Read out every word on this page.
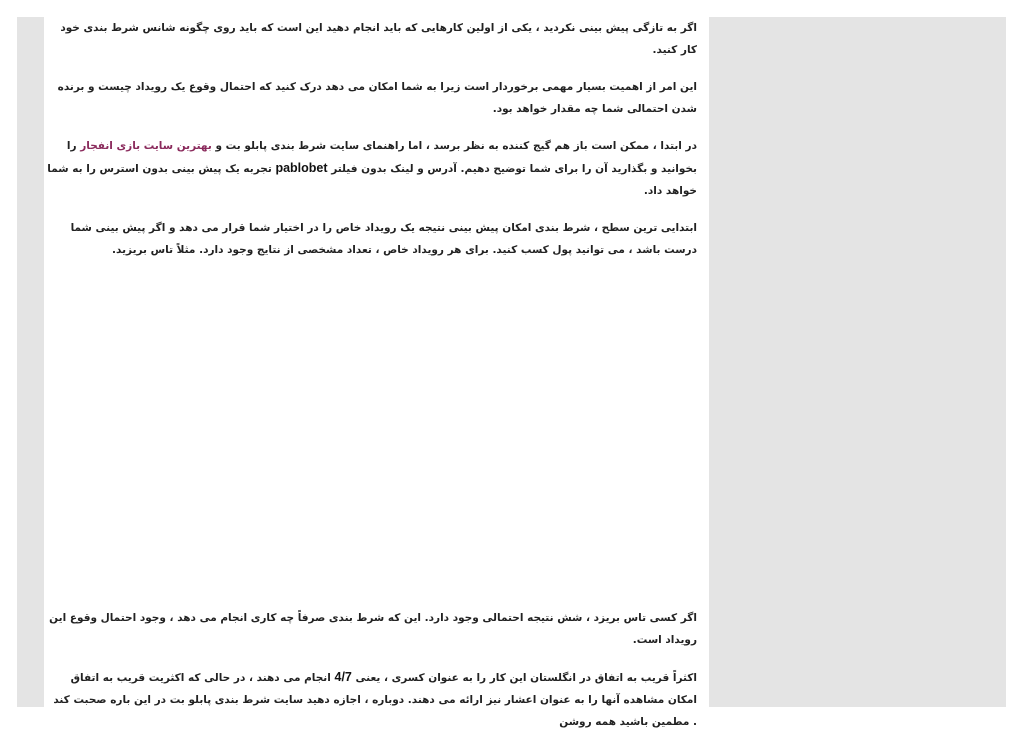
اگر به تازگی پیش بینی نکردید ، یکی از اولین کارهایی که باید انجام دهید این است که باید روی چگونه شانس شرط بندی خود کار کنید.

این امر از اهمیت بسیار مهمی برخوردار است زیرا به شما امکان می دهد درک کنید که احتمال وقوع یک رویداد چیست و برنده شدن احتمالی شما چه مقدار خواهد بود.

در ابتدا ، ممکن است باز هم گیج کننده به نظر برسد ، اما راهنمای سایت شرط بندی پابلو بت و بهترین سایت بازی انفجار را بخوانید و بگذارید آن را برای شما توضیح دهیم. آدرس و لینک بدون فیلتر pablobet تجربه یک پیش بینی بدون استرس را به شما خواهد داد.

ابتدایی ترین سطح ، شرط بندی امکان پیش بینی نتیجه یک رویداد خاص را در اختیار شما قرار می دهد و اگر پیش بینی شما درست باشد ، می توانید پول کسب کنید. برای هر رویداد خاص ، تعداد مشخصی از نتایج وجود دارد. مثلاً تاس بریزید.

اگر کسی تاس بریزد ، شش نتیجه احتمالی وجود دارد. این که شرط بندی صرفاً چه کاری انجام می دهد ، وجود احتمال وقوع این رویداد است.

اکثراً قریب به اتفاق در انگلستان این کار را به عنوان کسری ، یعنی 4/7 انجام می دهند ، در حالی که اکثریت قریب به اتفاق امکان مشاهده آنها را به عنوان اعشار نیز ارائه می دهند. دوباره ، اجازه دهید سایت شرط بندی پابلو بت در این باره صحبت کند . مطمین باشید همه روشن
